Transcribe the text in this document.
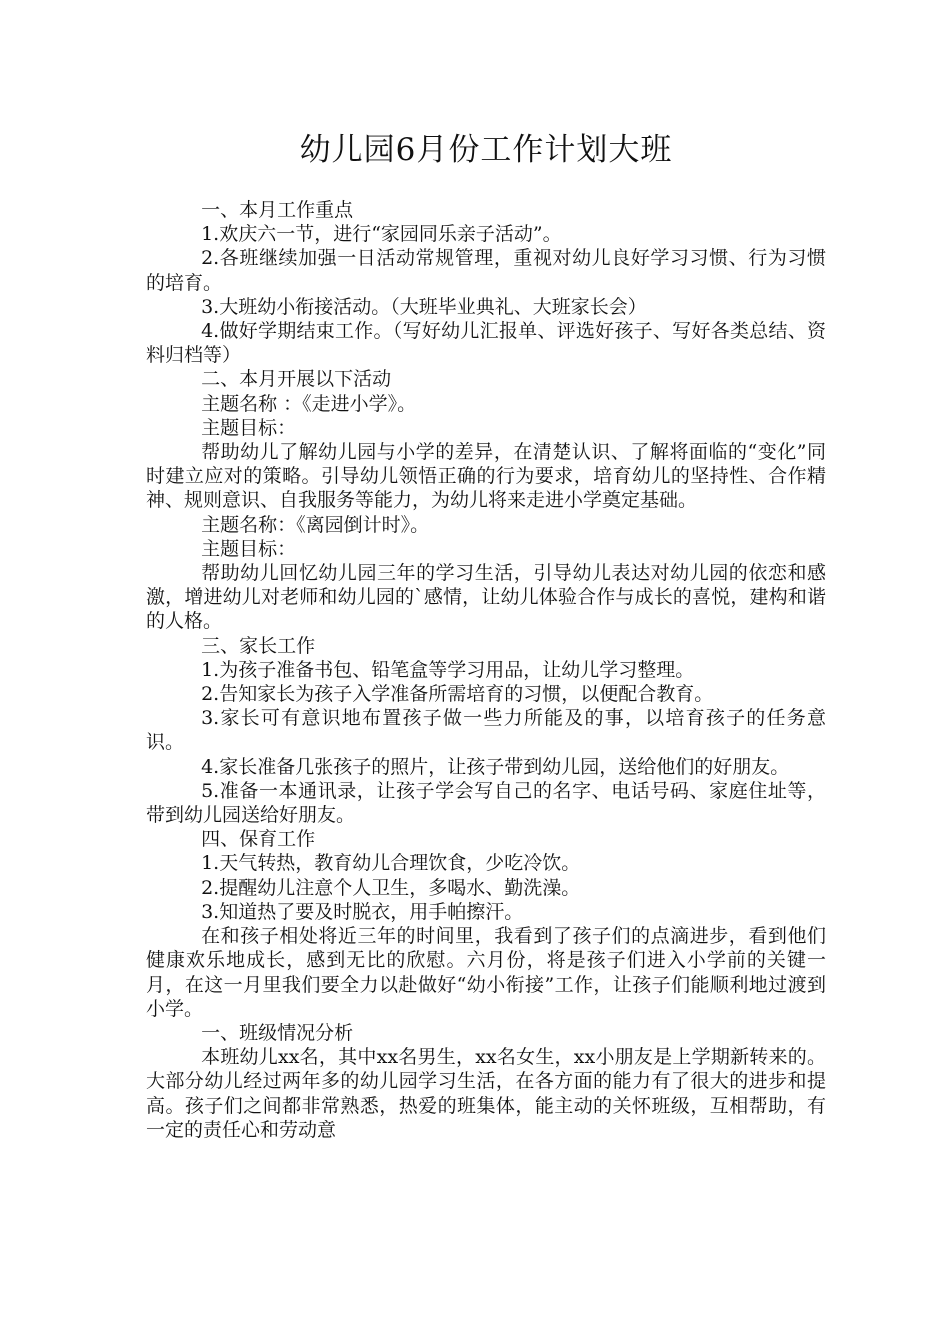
幼儿园6月份工作计划大班

一、本月工作重点

1.欢庆六一节，进行“家园同乐亲子活动”。

2.各班继续加强一日活动常规管理，重视对幼儿良好学习习惯、行为习惯的培育。

3.大班幼小衔接活动。（大班毕业典礼、大班家长会）

4.做好学期结束工作。（写好幼儿汇报单、评选好孩子、写好各类总结、资料归档等）

二、本月开展以下活动

主题名称 ：《走进小学》。

主题目标：

帮助幼儿了解幼儿园与小学的差异，在清楚认识、了解将面临的“变化”同时建立应对的策略。引导幼儿领悟正确的行为要求，培育幼儿的坚持性、合作精神、规则意识、自我服务等能力，为幼儿将来走进小学奠定基础。

主题名称：《离园倒计时》。

主题目标：

帮助幼儿回忆幼儿园三年的学习生活，引导幼儿表达对幼儿园的依恋和感激，增进幼儿对老师和幼儿园的`感情，让幼儿体验合作与成长的喜悦，建构和谐的人格。

三、家长工作

1.为孩子准备书包、铅笔盒等学习用品，让幼儿学习整理。

2.告知家长为孩子入学准备所需培育的习惯，以便配合教育。

3.家长可有意识地布置孩子做一些力所能及的事，以培育孩子的任务意识。

4.家长准备几张孩子的照片，让孩子带到幼儿园，送给他们的好朋友。

5.准备一本通讯录，让孩子学会写自己的名字、电话号码、家庭住址等，带到幼儿园送给好朋友。

四、保育工作

1.天气转热，教育幼儿合理饮食，少吃冷饮。

2.提醒幼儿注意个人卫生，多喝水、勤洗澡。

3.知道热了要及时脱衣，用手帕擦汗。

在和孩子相处将近三年的时间里，我看到了孩子们的点滴进步，看到他们健康欢乐地成长，感到无比的欣慰。六月份，将是孩子们进入小学前的关键一月，在这一月里我们要全力以赴做好“幼小衔接”工作，让孩子们能顺利地过渡到小学。

一、班级情况分析

本班幼儿xx名，其中xx名男生，xx名女生，xx小朋友是上学期新转来的。大部分幼儿经过两年多的幼儿园学习生活，在各方面的能力有了很大的进步和提高。孩子们之间都非常熟悉，热爱的班集体，能主动的关怀班级，互相帮助，有一定的责任心和劳动意
